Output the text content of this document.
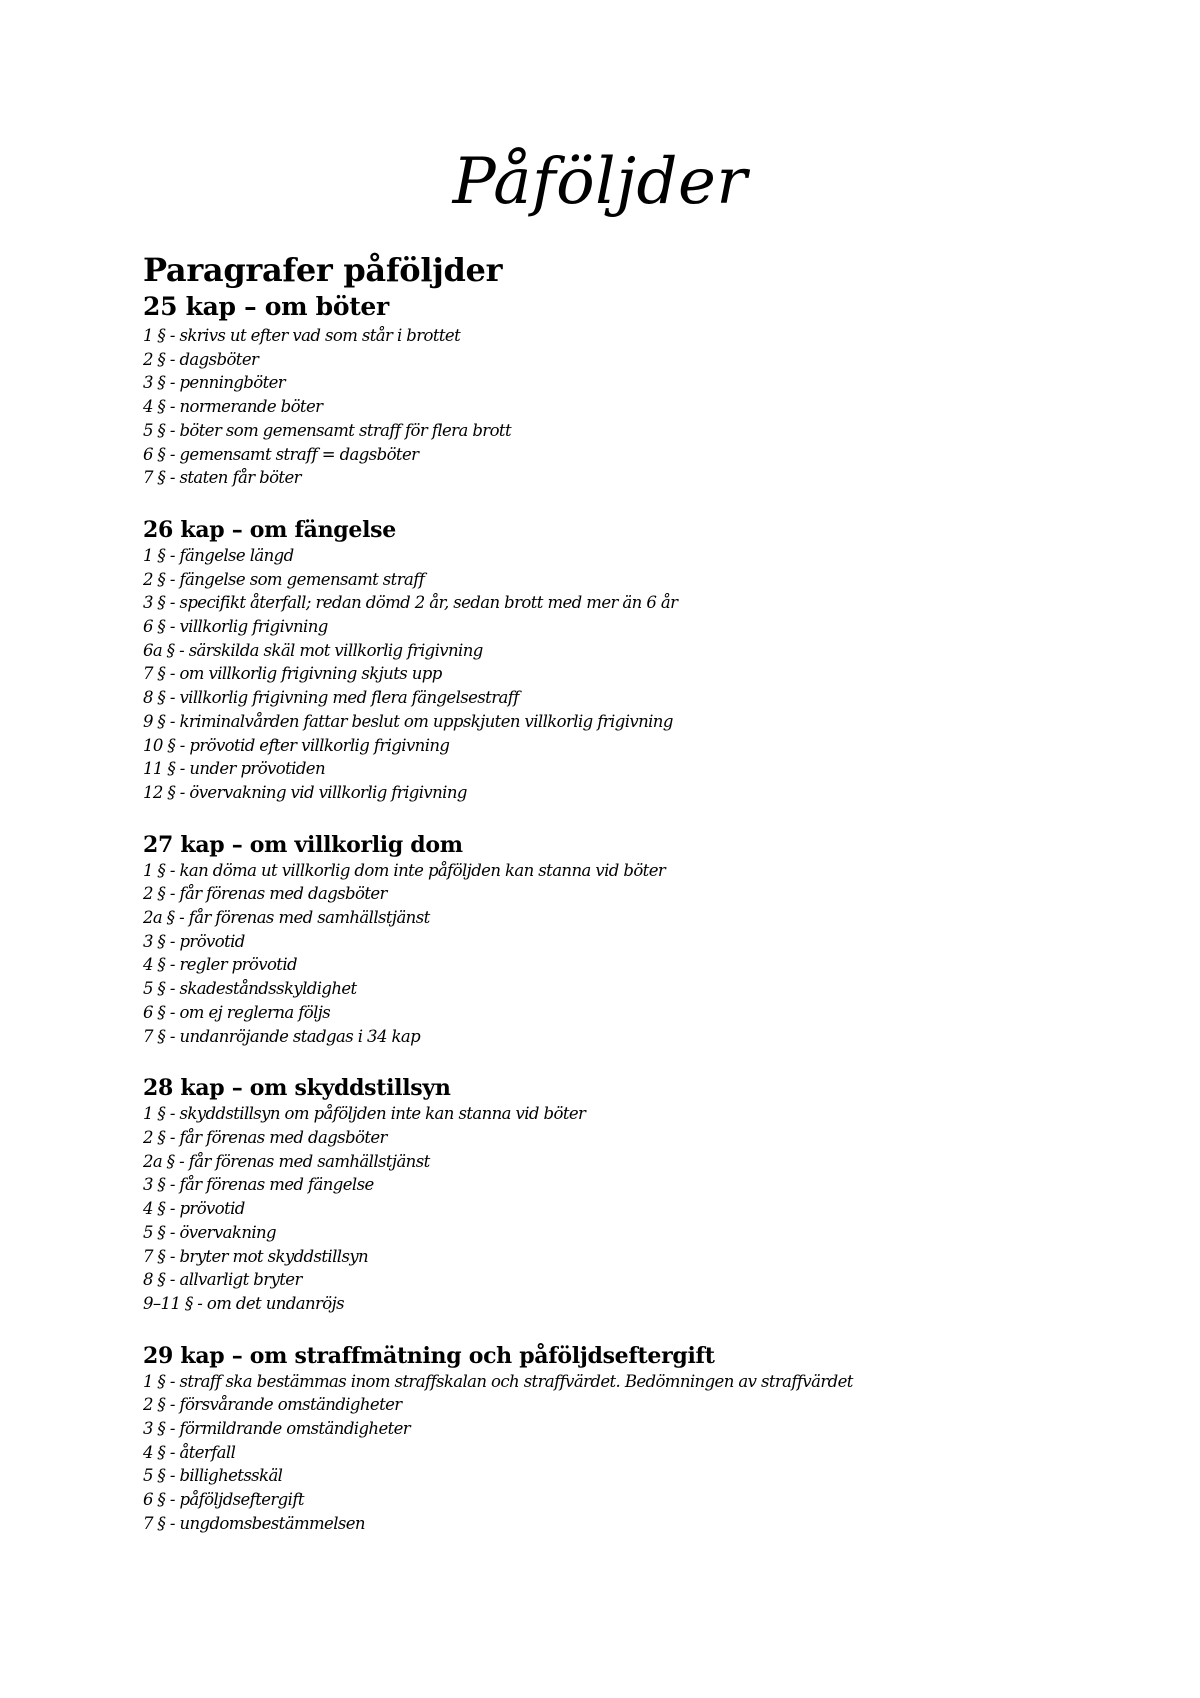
Påföljder
Paragrafer påföljder
25 kap – om böter
1 § - skrivs ut efter vad som står i brottet
2 § - dagsböter
3 § - penningböter
4 § - normerande böter
5 § - böter som gemensamt straff för flera brott
6 § - gemensamt straff = dagsböter
7 § - staten får böter
26 kap – om fängelse
1 § - fängelse längd
2 § - fängelse som gemensamt straff
3 § - specifikt återfall; redan dömd 2 år, sedan brott med mer än 6 år
6 § - villkorlig frigivning
6a § - särskilda skäl mot villkorlig frigivning
7 § - om villkorlig frigivning skjuts upp
8 § - villkorlig frigivning med flera fängelsestraff
9 § - kriminalvården fattar beslut om uppskjuten villkorlig frigivning
10 § - prövotid efter villkorlig frigivning
11 § - under prövotiden
12 § - övervakning vid villkorlig frigivning
27 kap – om villkorlig dom
1 § - kan döma ut villkorlig dom inte påföljden kan stanna vid böter
2 § - får förenas med dagsböter
2a § - får förenas med samhällstjänst
3 § - prövotid
4 § - regler prövotid
5 § - skadeståndsskyldighet
6 § - om ej reglerna följs
7 § - undanröjande stadgas i 34 kap
28 kap – om skyddstillsyn
1 § - skyddstillsyn om påföljden inte kan stanna vid böter
2 § - får förenas med dagsböter
2a § - får förenas med samhällstjänst
3 § - får förenas med fängelse
4 § - prövotid
5 § - övervakning
7 § - bryter mot skyddstillsyn
8 § - allvarligt bryter
9–11 § - om det undanröjs
29 kap – om straffmätning och påföljdseftergift
1 § - straff ska bestämmas inom straffskalan och straffvärdet. Bedömningen av straffvärdet
2 § - försvårande omständigheter
3 § - förmildrande omständigheter
4 § - återfall
5 § - billighetsskäl
6 § - påföljdseftergift
7 § - ungdomsbestämmelsen
